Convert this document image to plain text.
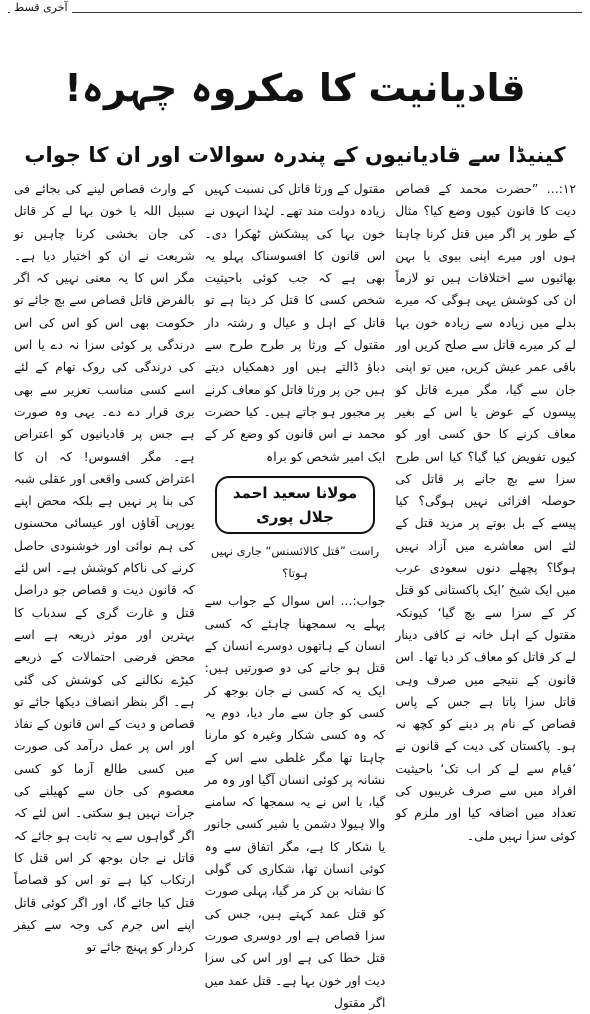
آخری قسط
قادیانیت کا مکروہ چہرہ!
کینیڈا سے قادیانیوں کے پندرہ سوالات اور ان کا جواب

۱۲:… ”حضرت محمد کے قصاص دیت کا قانون کیوں وضع کیا؟ مثال کے طور پر اگر میں قتل کرنا چاہتا ہوں اور میرے اپنی بیوی یا بہن بھائیوں سے اختلافات ہیں تو لازماً ان کی کوشش یہی ہوگی کہ میرے بدلے میں زیادہ سے زیادہ خون بہا لے کر میرے قاتل سے صلح کریں اور باقی عمر عیش کریں، میں تو اپنی جان سے گیا، مگر میرے قاتل کو پیسوں کے عوض یا اس کے بغیر معاف کرنے کا حق کسی اور کو کیوں تفویض کیا گیا؟ کیا اس طرح سزا سے بچ جانے پر قاتل کی حوصلہ افزائی نہیں ہوگی؟ کیا پیسے کے بل بوتے پر مزید قتل کے لئے اس معاشرے میں آزاد نہیں ہوگا؟ پچھلے دنوں سعودی عرب میں ایک شیخ ’ایک پاکستانی کو قتل کر کے سزا سے بچ گیا‘ کیونکہ مقتول کے اہل خانہ نے کافی دینار لے کر قاتل کو معاف کر دیا تھا۔ اس قانون کے نتیجے میں صرف وہی قاتل سزا پاتا ہے جس کے پاس قصاص کے نام پر دینے کو کچھ نہ ہو۔ پاکستان کی دیت کے قانون نے ’قیام سے لے کر اب تک‘ باحیثیت افراد میں سے صرف غریبوں کی تعداد میں اضافہ کیا اور ملزم کو کوئی سزا نہیں ملی۔

مقتول کے ورثا قاتل کی نسبت کہیں زیادہ دولت مند تھے۔ لہٰذا انہوں نے خون بہا کی پیشکش ٹھکرا دی۔ اس قانون کا افسوسناک پہلو یہ بھی ہے کہ جب کوئی باحیثیت شخص کسی کا قتل کر دیتا ہے تو قاتل کے اہل و عیال و رشتہ دار مقتول کے ورثا پر طرح طرح سے دباؤ ڈالتے ہیں اور دھمکیاں دیتے ہیں جن پر ورثا قاتل کو معاف کرنے پر مجبور ہو جاتے ہیں۔ کیا حضرت محمد نے اس قانون کو وضع کر کے ایک امیر شخص کو براہ

مولانا سعید احمد جلال پوری
راست ”قتل کالائسنس“ جاری نہیں ہوتا؟

جواب:… اس سوال کے جواب سے پہلے یہ سمجھنا چاہئے کہ کسی انسان کے ہاتھوں دوسرے انسان کے قتل ہو جانے کی دو صورتیں ہیں: ایک یہ کہ کسی نے جان بوجھ کر کسی کو جان سے مار دیا، دوم یہ کہ وہ کسی شکار وغیرہ کو مارنا چاہتا تھا مگر غلطی سے اس کے نشانہ پر کوئی انسان آگیا اور وہ مر گیا، یا اس نے یہ سمجھا کہ سامنے والا ہیولا دشمن یا شیر کسی جانور یا شکار کا ہے، مگر اتفاق سے وہ کوئی انسان تھا، شکاری کی گولی کا نشانہ بن کر مر گیا، پہلی صورت کو قتل عمد کہتے ہیں، جس کی سزا قصاص ہے اور دوسری صورت قتل خطا کی ہے اور اس کی سزا دیت اور خون بہا ہے۔ قتل عمد میں اگر مقتول

کے وارث قصاص لینے کی بجائے فی سبیل اللہ یا خون بہا لے کر قاتل کی جان بخشی کرنا چاہیں تو شریعت نے ان کو اختیار دیا ہے۔ مگر اس کا یہ معنی نہیں کہ اگر بالفرض قاتل قصاص سے بچ جائے تو حکومت بھی اس کو اس کی اس درندگی پر کوئی سزا نہ دے یا اس کی درندگی کی روک تھام کے لئے اسے کسی مناسب تعزیر سے بھی بری قرار دے دے۔ یہی وہ صورت ہے جس پر قادیانیوں کو اعتراض ہے۔ مگر افسوس! کہ ان کا اعتراض کسی واقعی اور عقلی شبہ کی بنا پر نہیں ہے بلکہ محض اپنے یورپی آقاؤں اور عیسائی محسنوں کی ہم نوائی اور خوشنودی حاصل کرنے کی ناکام کوشش ہے۔ اس لئے کہ قانون دیت و قصاص جو دراصل قتل و غارت گری کے سدباب کا بہترین اور موثر ذریعہ ہے اسے محض فرضی احتمالات کے ذریعے کیڑے نکالنے کی کوشش کی گئی ہے۔ اگر بنظر انصاف دیکھا جائے تو قصاص و دیت کے اس قانون کے نفاذ اور اس پر عمل درآمد کی صورت میں کسی طالع آزما کو کسی معصوم کی جان سے کھیلنے کی جرأت نہیں ہو سکتی۔ اس لئے کہ اگر گواہوں سے یہ ثابت ہو جائے کہ قاتل نے جان بوجھ کر اس قتل کا ارتکاب کیا ہے تو اس کو قصاصاً قتل کیا جائے گا، اور اگر کوئی قاتل اپنے اس جرم کی وجہ سے کیفر کردار کو پہنچ جائے تو
